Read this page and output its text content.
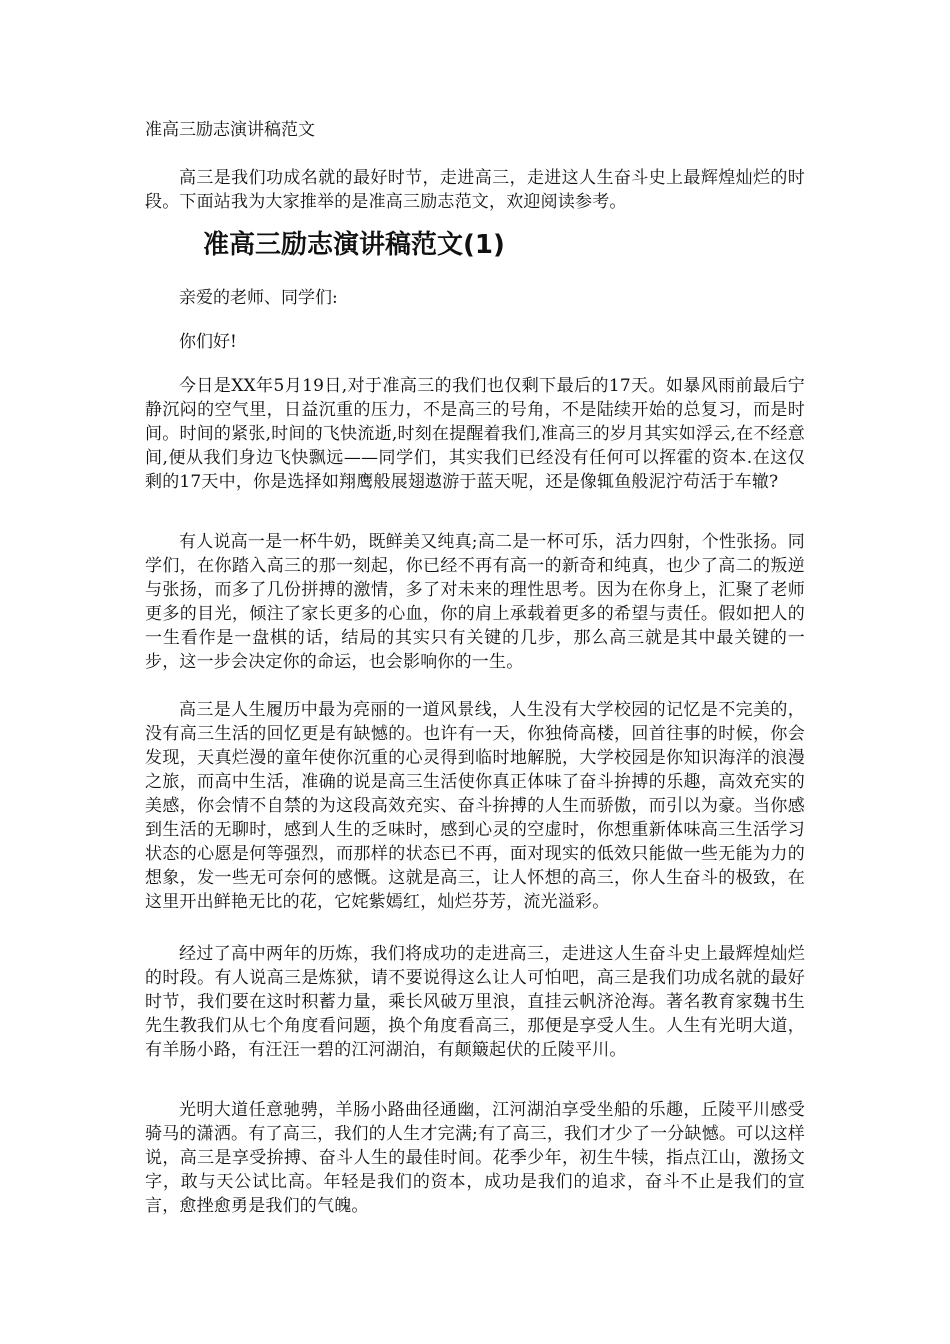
准高三励志演讲稿范文

高三是我们功成名就的最好时节，走进高三，走进这人生奋斗史上最辉煌灿烂的时段。下面站我为大家推举的是准高三励志范文，欢迎阅读参考。

准高三励志演讲稿范文(1)

亲爱的老师、同学们:

你们好!

今日是XX年5月19日,对于准高三的我们也仅剩下最后的17天。如暴风雨前最后宁静沉闷的空气里，日益沉重的压力，不是高三的号角，不是陆续开始的总复习，而是时间。时间的紧张,时间的飞快流逝,时刻在提醒着我们,准高三的岁月其实如浮云,在不经意间,便从我们身边飞快飘远——同学们，其实我们已经没有任何可以挥霍的资本.在这仅剩的17天中，你是选择如翔鹰般展翅遨游于蓝天呢，还是像辄鱼般泥泞苟活于车辙?

有人说高一是一杯牛奶，既鲜美又纯真;高二是一杯可乐，活力四射，个性张扬。同学们，在你踏入高三的那一刻起，你已经不再有高一的新奇和纯真，也少了高二的叛逆与张扬，而多了几份拼搏的激情，多了对未来的理性思考。因为在你身上，汇聚了老师更多的目光，倾注了家长更多的心血，你的肩上承载着更多的希望与责任。假如把人的一生看作是一盘棋的话，结局的其实只有关键的几步，那么高三就是其中最关键的一步，这一步会决定你的命运，也会影响你的一生。

高三是人生履历中最为亮丽的一道风景线，人生没有大学校园的记忆是不完美的，没有高三生活的回忆更是有缺憾的。也许有一天，你独倚高楼，回首往事的时候，你会发现，天真烂漫的童年使你沉重的心灵得到临时地解脱，大学校园是你知识海洋的浪漫之旅，而高中生活，准确的说是高三生活使你真正体味了奋斗拚搏的乐趣，高效充实的美感，你会情不自禁的为这段高效充实、奋斗拚搏的人生而骄傲，而引以为豪。当你感到生活的无聊时，感到人生的乏味时，感到心灵的空虚时，你想重新体味高三生活学习状态的心愿是何等强烈，而那样的状态已不再，面对现实的低效只能做一些无能为力的想象，发一些无可奈何的感慨。这就是高三，让人怀想的高三，你人生奋斗的极致，在这里开出鲜艳无比的花，它姹紫嫣红，灿烂芬芳，流光溢彩。

经过了高中两年的历炼，我们将成功的走进高三，走进这人生奋斗史上最辉煌灿烂的时段。有人说高三是炼狱，请不要说得这么让人可怕吧，高三是我们功成名就的最好时节，我们要在这时积蓄力量，乘长风破万里浪，直挂云帆济沧海。著名教育家魏书生先生教我们从七个角度看问题，换个角度看高三，那便是享受人生。人生有光明大道，有羊肠小路，有汪汪一碧的江河湖泊，有颠簸起伏的丘陵平川。

光明大道任意驰骋，羊肠小路曲径通幽，江河湖泊享受坐船的乐趣，丘陵平川感受骑马的潇洒。有了高三，我们的人生才完满;有了高三，我们才少了一分缺憾。可以这样说，高三是享受拚搏、奋斗人生的最佳时间。花季少年，初生牛犊，指点江山，激扬文字，敢与天公试比高。年轻是我们的资本，成功是我们的追求，奋斗不止是我们的宣言，愈挫愈勇是我们的气魄。
